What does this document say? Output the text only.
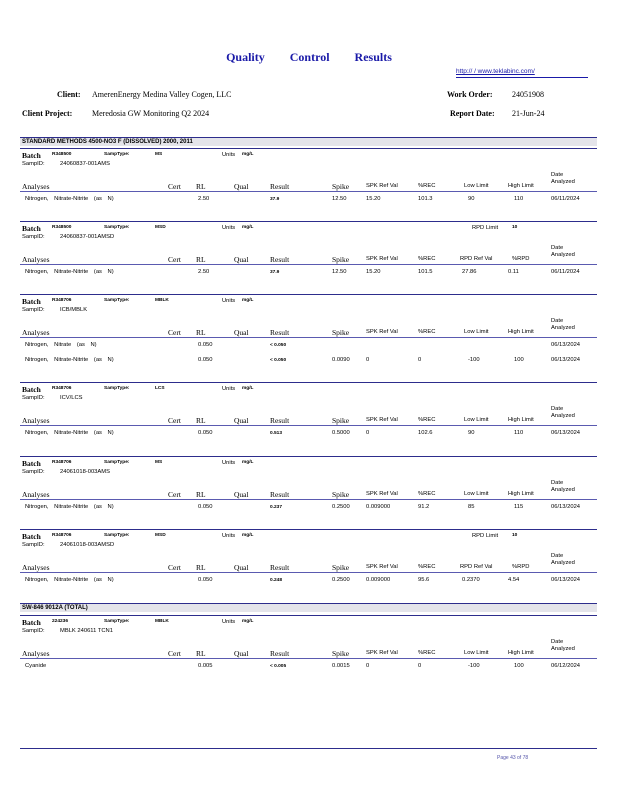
Quality Control Results
http:// / www.teklabinc.com/
Client: AmerenEnergy Medina Valley Cogen, LLC
Client Project: Meredosia GW Monitoring Q2 2024
Work Order: 24051908
Report Date: 21-Jun-24
STANDARD METHODS 4500-NO3 F (DISSOLVED) 2000, 2011
SW-846 9012A (TOTAL)
Batch R348500	SampType:	MS	Units mg/L
SampID:	24060837-001AMS
Date
Analyzed
Analyses	Cert RL	Qual	Result	Spike	Low Limit	High Limit
SPK Ref Val	%REC
Nitrogen, Nitrate-Nitrite (as N)	2.50	37.9	12.50	15.20	101.3	90	110	06/11/2024
Batch R348500	SampType:	MSD	Units mg/L	RPD Limit	10
SampID:	24060837-001AMSD
Date
Analyzed
Analyses	Cert RL	Qual	Result	Spike	RPD Ref Val	%RPD
SPK Ref Val	%REC
Nitrogen, Nitrate-Nitrite (as N)	2.50	37.9	12.50	15.20	101.5	27.86	0.11	06/11/2024
Batch R348706	SampType:	MBLK	Units mg/L
SampID:	ICB/MBLK
Date
Analyzed
Analyses	Cert RL	Qual	Result	Spike	Low Limit	High Limit
SPK Ref Val	%REC
Nitrogen, Nitrate (as N)	0.050	< 0.050	06/13/2024
Nitrogen, Nitrate-Nitrite (as N)	0.050	< 0.050	0.0090	0	0	-100	100	06/13/2024
Batch R348706	SampType:	LCS	Units mg/L
SampID:	ICV/LCS
Date
Analyzed
Analyses	Cert RL	Qual	Result	Spike	Low Limit	High Limit
SPK Ref Val	%REC
Nitrogen, Nitrate-Nitrite (as N)	0.050	0.513	0.5000	0	102.6	90	110	06/13/2024
Batch R348706	SampType:	MS	Units mg/L
SampID:	24061018-003AMS
Date
Analyzed
Analyses	Cert RL	Qual	Result	Spike	Low Limit	High Limit
SPK Ref Val	%REC
Nitrogen, Nitrate-Nitrite (as N)	0.050	0.237	0.2500	0.009000	91.2	85	115	06/13/2024
Batch R348706	SampType:	MSD	Units mg/L	RPD Limit	10
SampID:	24061018-003AMSD
Date
Analyzed
Analyses	Cert RL	Qual	Result	Spike	RPD Ref Val	%RPD
SPK Ref Val	%REC
Nitrogen, Nitrate-Nitrite (as N)	0.050	0.248	0.2500	0.009000	95.6	0.2370	4.54	06/13/2024
Batch 224236	SampType:	MBLK	Units mg/L
SampID:	MBLK 240611 TCN1
Date
Analyzed
Analyses	Cert RL	Qual	Result	Spike	Low Limit	High Limit
SPK Ref Val	%REC
Cyanide	0.005	< 0.005	0.0015	0	0	-100	100	06/12/2024
Page 43 of 78
